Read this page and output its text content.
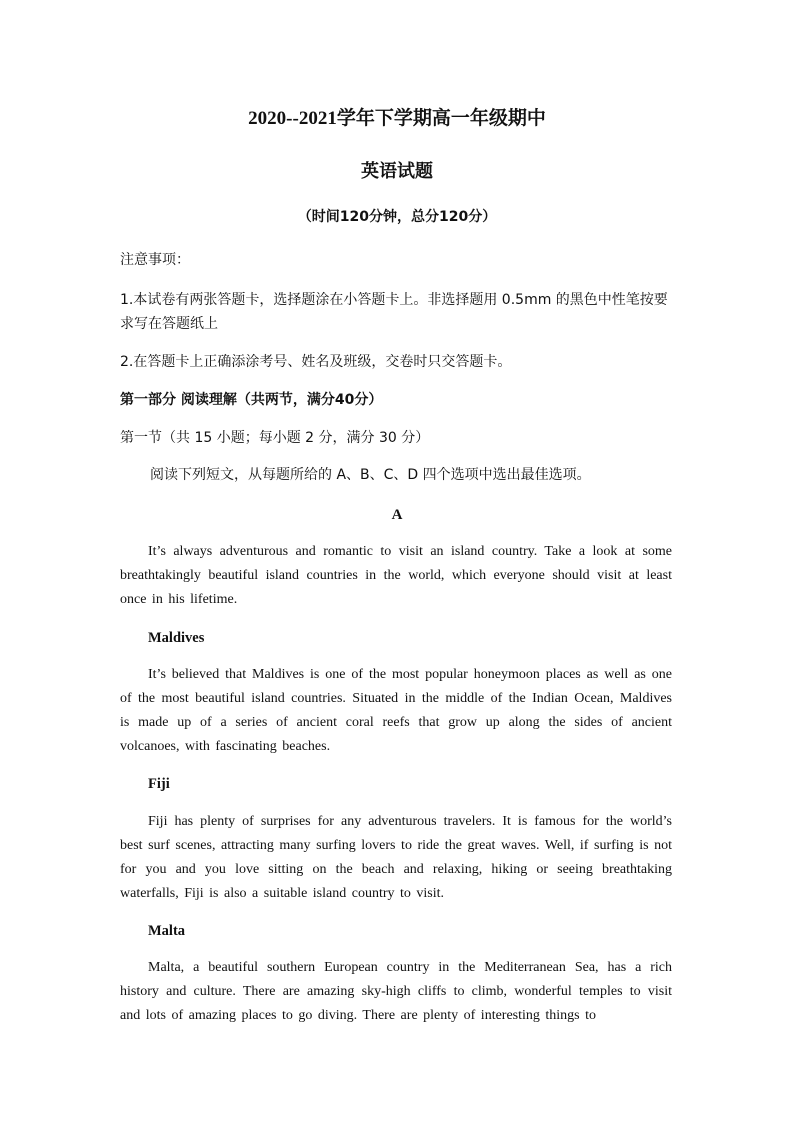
2020--2021学年下学期高一年级期中
英语试题
（时间120分钟，总分120分）
注意事项：
1.本试卷有两张答题卡，选择题涂在小答题卡上。非选择题用 0.5mm 的黑色中性笔按要求写在答题纸上
2.在答题卡上正确添涂考号、姓名及班级，交卷时只交答题卡。
第一部分 阅读理解（共两节，满分40分）
第一节（共 15 小题；每小题 2 分，满分 30 分）
阅读下列短文，从每题所给的 A、B、C、D 四个选项中选出最佳选项。
A
It’s always adventurous and romantic to visit an island country. Take a look at some breathtakingly beautiful island countries in the world, which everyone should visit at least once in his lifetime.
Maldives
It’s believed that Maldives is one of the most popular honeymoon places as well as one of the most beautiful island countries. Situated in the middle of the Indian Ocean, Maldives is made up of a series of ancient coral reefs that grow up along the sides of ancient volcanoes, with fascinating beaches.
Fiji
Fiji has plenty of surprises for any adventurous travelers. It is famous for the world’s best surf scenes, attracting many surfing lovers to ride the great waves. Well, if surfing is not for you and you love sitting on the beach and relaxing, hiking or seeing breathtaking waterfalls, Fiji is also a suitable island country to visit.
Malta
Malta, a beautiful southern European country in the Mediterranean Sea, has a rich history and culture. There are amazing sky-high cliffs to climb, wonderful temples to visit and lots of amazing places to go diving. There are plenty of interesting things to
